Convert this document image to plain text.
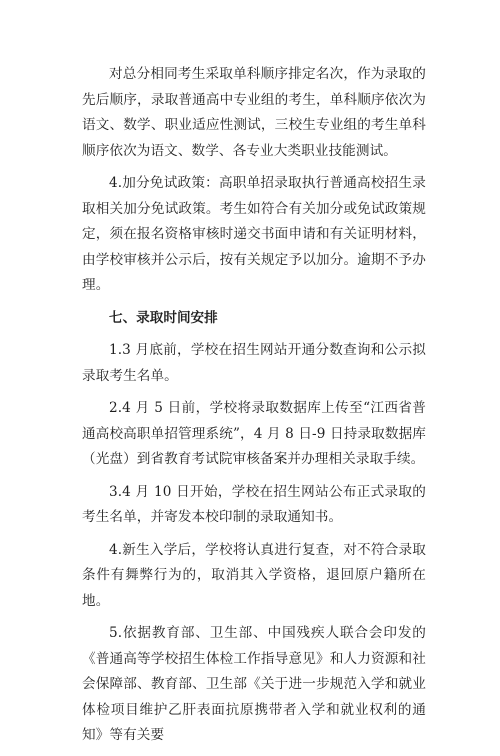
对总分相同考生采取单科顺序排定名次，作为录取的先后顺序，录取普通高中专业组的考生，单科顺序依次为语文、数学、职业适应性测试，三校生专业组的考生单科顺序依次为语文、数学、各专业大类职业技能测试。

4.加分免试政策：高职单招录取执行普通高校招生录取相关加分免试政策。考生如符合有关加分或免试政策规定，须在报名资格审核时递交书面申请和有关证明材料，由学校审核并公示后，按有关规定予以加分。逾期不予办理。

七、录取时间安排

1.3 月底前，学校在招生网站开通分数查询和公示拟录取考生名单。

2.4 月 5 日前，学校将录取数据库上传至“江西省普通高校高职单招管理系统”，4 月 8 日-9 日持录取数据库（光盘）到省教育考试院审核备案并办理相关录取手续。

3.4 月 10 日开始，学校在招生网站公布正式录取的考生名单，并寄发本校印制的录取通知书。

4.新生入学后，学校将认真进行复查，对不符合录取条件有舞弊行为的，取消其入学资格，退回原户籍所在地。

5.依据教育部、卫生部、中国残疾人联合会印发的《普通高等学校招生体检工作指导意见》和人力资源和社会保障部、教育部、卫生部《关于进一步规范入学和就业体检项目维护乙肝表面抗原携带者入学和就业权利的通知》等有关要
